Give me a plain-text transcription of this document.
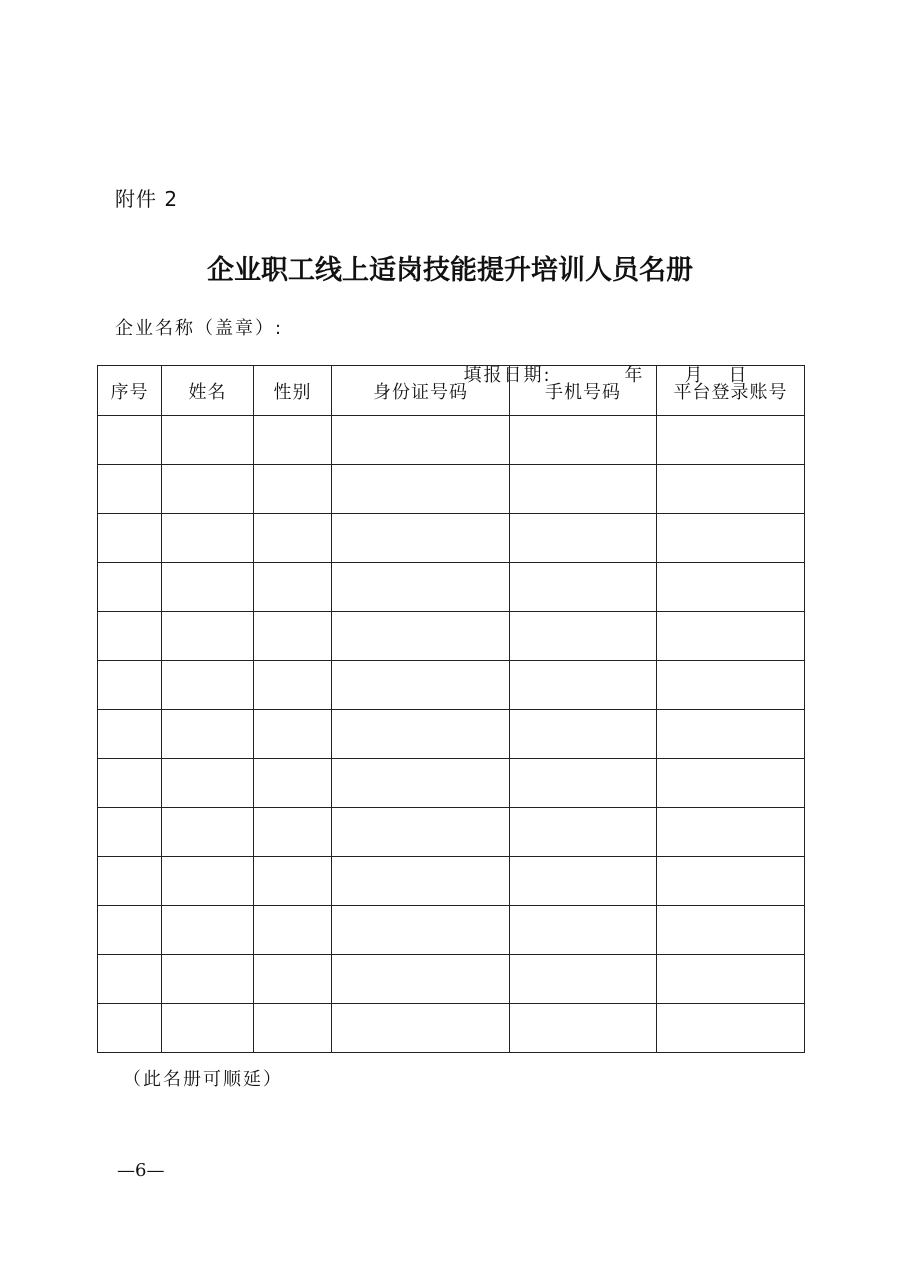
附件 2
企业职工线上适岗技能提升培训人员名册
企业名称（盖章）:

填报日期:	年 月 日

序号	姓名	性别	身份证号码	手机号码	平台登录账号

（此名册可顺延）
—6—
